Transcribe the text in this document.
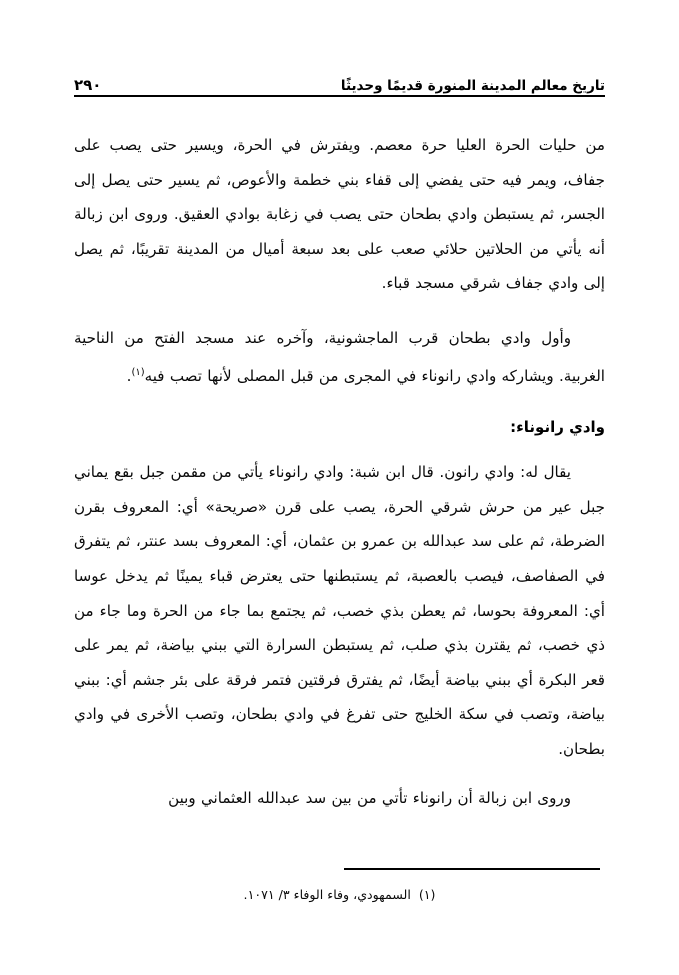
تاريخ معالم المدينة المنورة قديمًا وحديثًا
٢٩٠

من حليات الحرة العليا حرة معصم. ويفترش في الحرة، ويسير حتى يصب على جفاف، ويمر فيه حتى يفضي إلى قفاء بني خطمة والأعوص، ثم يسير حتى يصل إلى الجسر، ثم يستبطن وادي بطحان حتى يصب في زغابة بوادي العقيق. وروى ابن زبالة أنه يأتي من الحلاتين حلائي صعب على بعد سبعة أميال من المدينة تقريبًا، ثم يصل إلى وادي جفاف شرقي مسجد قباء.

وأول وادي بطحان قرب الماجشونية، وآخره عند مسجد الفتح من الناحية الغربية. ويشاركه وادي رانوناء في المجرى من قبل المصلى لأنها تصب فيه$^{(١)}$.

وادي رانوناء:

يقال له: وادي رانون. قال ابن شبة: وادي رانوناء يأتي من مقمن جبل بقع يماني جبل عير من حرش شرقي الحرة، يصب على قرن «صريحة» أي: المعروف بقرن الضرطة، ثم على سد عبدالله بن عمرو بن عثمان، أي: المعروف بسد عنتر، ثم يتفرق في الصفاصف، فيصب بالعصبة، ثم يستبطنها حتى يعترض قباء يمينًا ثم يدخل عوسا أي: المعروفة بحوسا، ثم يعطن بذي خصب، ثم يجتمع بما جاء من الحرة وما جاء من ذي خصب، ثم يقترن بذي صلب، ثم يستبطن السرارة التي ببني بياضة، ثم يمر على قعر البكرة أي ببني بياضة أيضًا، ثم يفترق فرقتين فتمر فرقة على بئر جشم أي: ببني بياضة، وتصب في سكة الخليج حتى تفرغ في وادي بطحان، وتصب الأخرى في وادي بطحان.

وروى ابن زبالة أن رانوناء تأتي من بين سد عبدالله العثماني وبين

(١)السمهودي، وفاء الوفاء ٣/ ١٠٧١.
